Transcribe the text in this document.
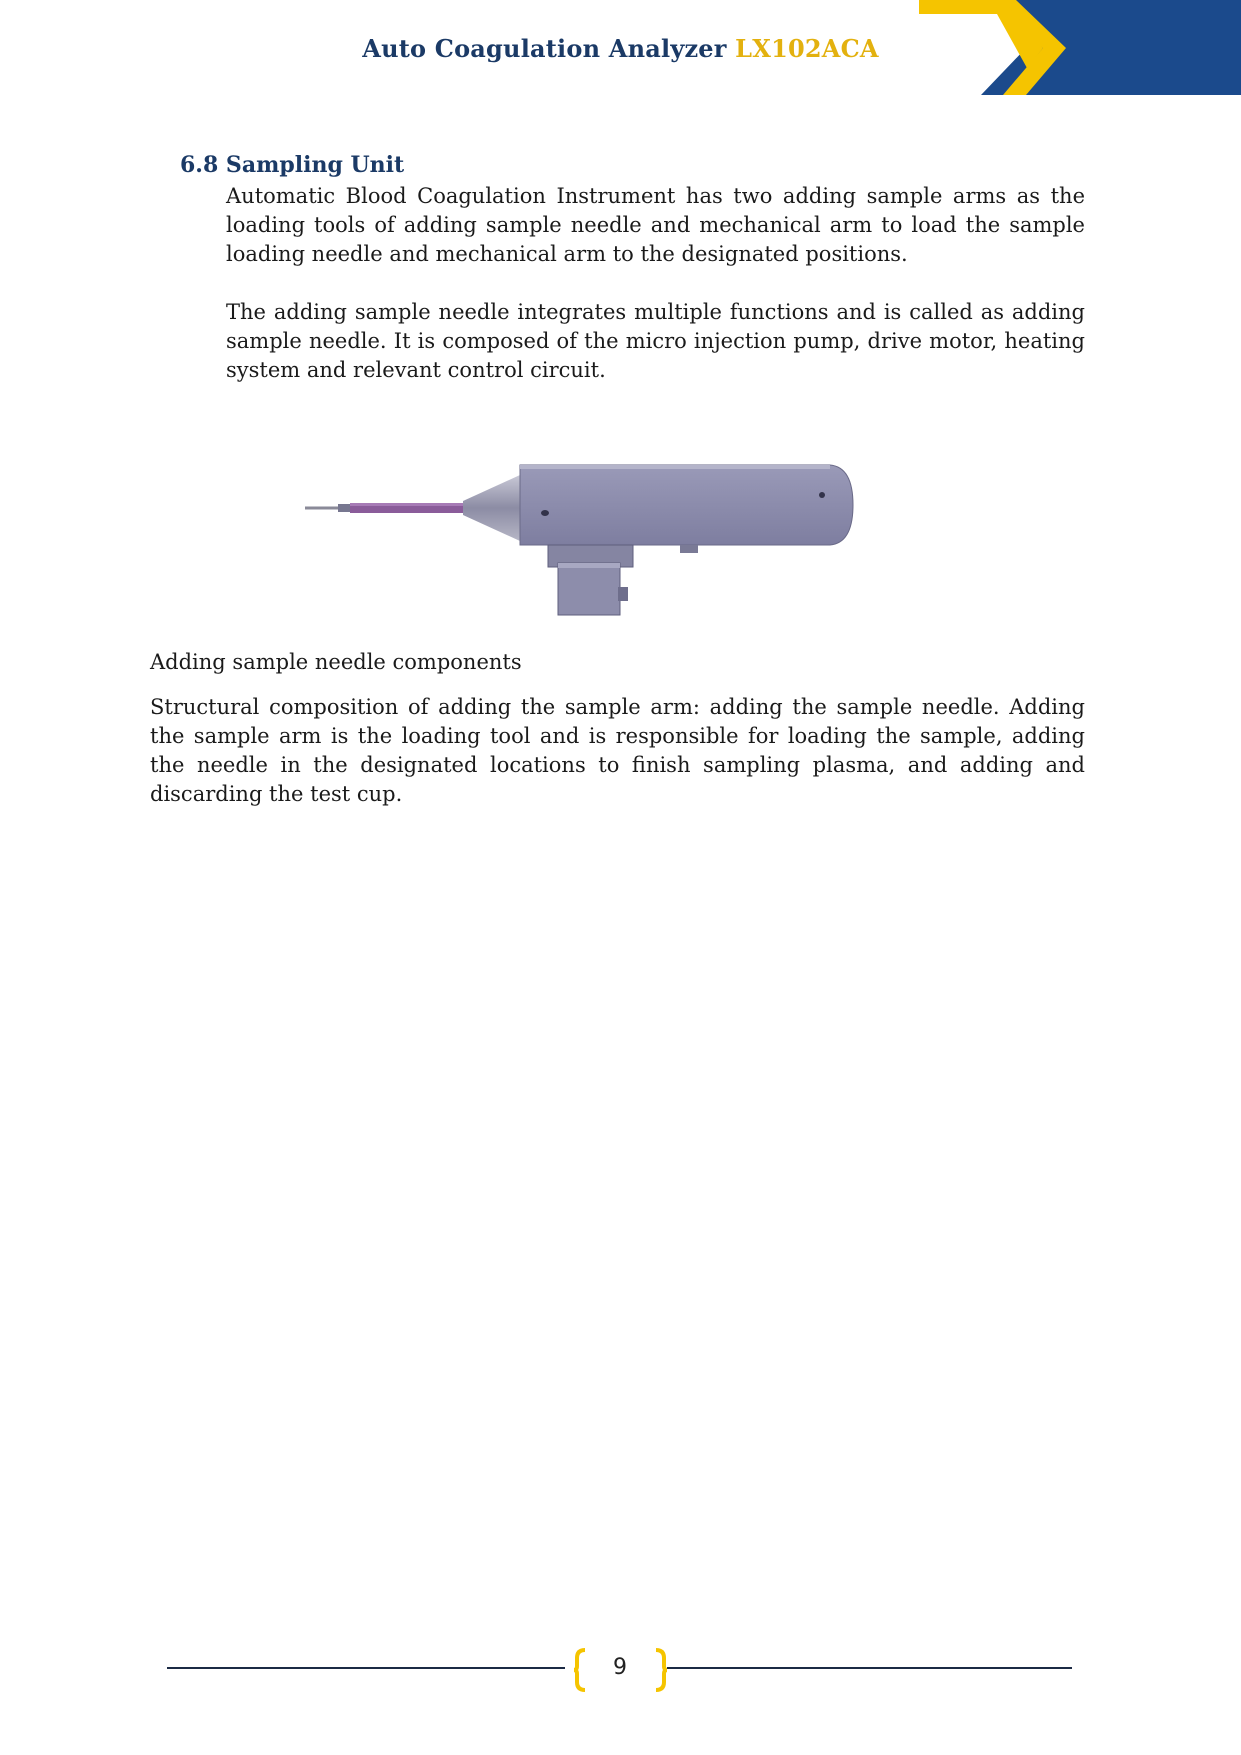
Auto Coagulation Analyzer LX102ACA
6.8 Sampling Unit

Automatic Blood Coagulation Instrument has two adding sample arms as the loading tools of adding sample needle and mechanical arm to load the sample loading needle and mechanical arm to the designated positions.

The adding sample needle integrates multiple functions and is called as adding sample needle. It is composed of the micro injection pump, drive motor, heating system and relevant control circuit.

Adding sample needle components

Structural composition of adding the sample arm: adding the sample needle. Adding the sample arm is the loading tool and is responsible for loading the sample, adding the needle in the designated locations to finish sampling plasma, and adding and discarding the test cup.

9
